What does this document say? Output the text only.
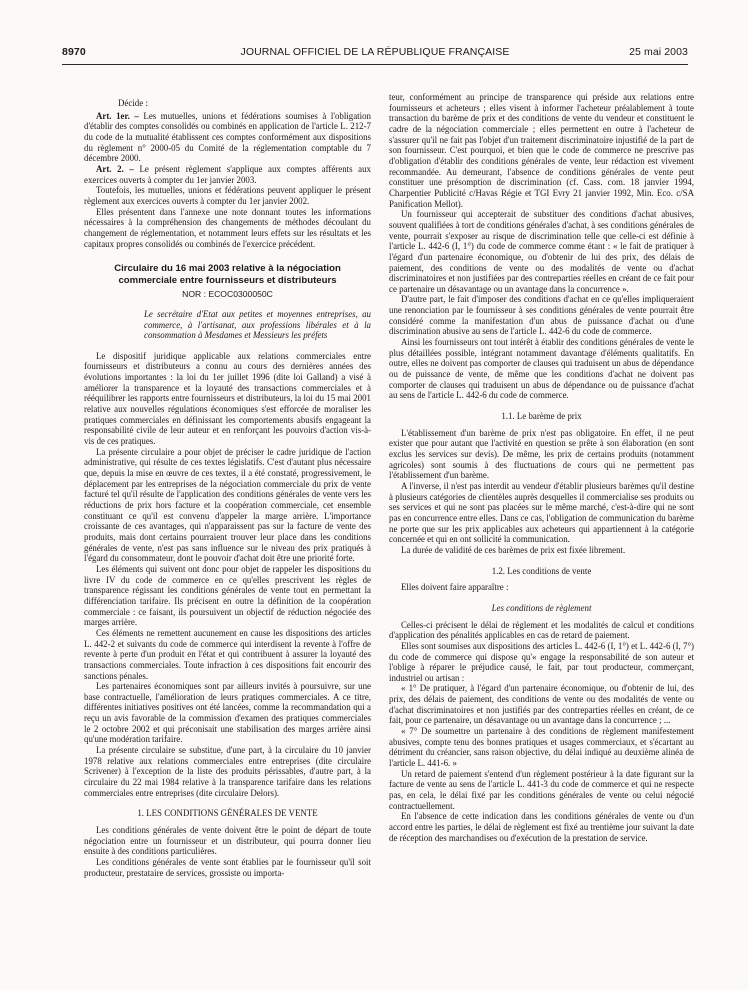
8970	JOURNAL OFFICIEL DE LA RÉPUBLIQUE FRANÇAISE	25 mai 2003

Décide :

Art. 1er. – Les mutuelles, unions et fédérations soumises à l'obligation d'établir des comptes consolidés ou combinés en application de l'article L. 212-7 du code de la mutualité établissent ces comptes conformément aux dispositions du règlement n° 2000-05 du Comité de la réglementation comptable du 7 décembre 2000.

Art. 2. – Le présent règlement s'applique aux comptes afférents aux exercices ouverts à compter du 1er janvier 2003.

Toutefois, les mutuelles, unions et fédérations peuvent appliquer le présent règlement aux exercices ouverts à compter du 1er janvier 2002.

Elles présentent dans l'annexe une note donnant toutes les informations nécessaires à la compréhension des changements de méthodes découlant du changement de réglementation, et notamment leurs effets sur les résultats et les capitaux propres consolidés ou combinés de l'exercice précédent.

Circulaire du 16 mai 2003 relative à la négociation commerciale entre fournisseurs et distributeurs

NOR : ECOC0300050C

Le secrétaire d'Etat aux petites et moyennes entreprises, au commerce, à l'artisanat, aux professions libérales et à la consommation à Mesdames et Messieurs les préfets

Le dispositif juridique applicable aux relations commerciales entre fournisseurs et distributeurs a connu au cours des dernières années des évolutions importantes : la loi du 1er juillet 1996 (dite loi Galland) a visé à améliorer la transparence et la loyauté des transactions commerciales et à rééquilibrer les rapports entre fournisseurs et distributeurs, la loi du 15 mai 2001 relative aux nouvelles régulations économiques s'est efforcée de moraliser les pratiques commerciales en définissant les comportements abusifs engageant la responsabilité civile de leur auteur et en renforçant les pouvoirs d'action vis-à-vis de ces pratiques.

La présente circulaire a pour objet de préciser le cadre juridique de l'action administrative, qui résulte de ces textes législatifs. C'est d'autant plus nécessaire que, depuis la mise en œuvre de ces textes, il a été constaté, progressivement, le déplacement par les entreprises de la négociation commerciale du prix de vente facturé tel qu'il résulte de l'application des conditions générales de vente vers les réductions de prix hors facture et la coopération commerciale, cet ensemble constituant ce qu'il est convenu d'appeler la marge arrière. L'importance croissante de ces avantages, qui n'apparaissent pas sur la facture de vente des produits, mais dont certains pourraient trouver leur place dans les conditions générales de vente, n'est pas sans influence sur le niveau des prix pratiqués à l'égard du consommateur, dont le pouvoir d'achat doit être une priorité forte.

Les éléments qui suivent ont donc pour objet de rappeler les dispositions du livre IV du code de commerce en ce qu'elles prescrivent les règles de transparence régissant les conditions générales de vente tout en permettant la différenciation tarifaire. Ils précisent en outre la définition de la coopération commerciale : ce faisant, ils poursuivent un objectif de réduction négociée des marges arrière.

Ces éléments ne remettent aucunement en cause les dispositions des articles L. 442-2 et suivants du code de commerce qui interdisent la revente à l'offre de revente à perte d'un produit en l'état et qui contribuent à assurer la loyauté des transactions commerciales. Toute infraction à ces dispositions fait encourir des sanctions pénales.

Les partenaires économiques sont par ailleurs invités à poursuivre, sur une base contractuelle, l'amélioration de leurs pratiques commerciales. A ce titre, différentes initiatives positives ont été lancées, comme la recommandation qui a reçu un avis favorable de la commission d'examen des pratiques commerciales le 2 octobre 2002 et qui préconisait une stabilisation des marges arrière ainsi qu'une modération tarifaire.

La présente circulaire se substitue, d'une part, à la circulaire du 10 janvier 1978 relative aux relations commerciales entre entreprises (dite circulaire Scrivener) à l'exception de la liste des produits périssables, d'autre part, à la circulaire du 22 mai 1984 relative à la transparence tarifaire dans les relations commerciales entre entreprises (dite circulaire Delors).

1. LES CONDITIONS GÉNÉRALES DE VENTE

Les conditions générales de vente doivent être le point de départ de toute négociation entre un fournisseur et un distributeur, qui pourra donner lieu ensuite à des conditions particulières.

Les conditions générales de vente sont établies par le fournisseur qu'il soit producteur, prestataire de services, grossiste ou importa-

teur, conformément au principe de transparence qui préside aux relations entre fournisseurs et acheteurs ; elles visent à informer l'acheteur préalablement à toute transaction du barème de prix et des conditions de vente du vendeur et constituent le cadre de la négociation commerciale ; elles permettent en outre à l'acheteur de s'assurer qu'il ne fait pas l'objet d'un traitement discriminatoire injustifié de la part de son fournisseur. C'est pourquoi, et bien que le code de commerce ne prescrive pas d'obligation d'établir des conditions générales de vente, leur rédaction est vivement recommandée. Au demeurant, l'absence de conditions générales de vente peut constituer une présomption de discrimination (cf. Cass. com. 18 janvier 1994, Charpentier Publicité c/Havas Régie et TGI Evry 21 janvier 1992, Min. Eco. c/SA Panification Mellot).

Un fournisseur qui accepterait de substituer des conditions d'achat abusives, souvent qualifiées à tort de conditions générales d'achat, à ses conditions générales de vente, pourrait s'exposer au risque de discrimination telle que celle-ci est définie à l'article L. 442-6 (I, 1°) du code de commerce comme étant : « le fait de pratiquer à l'égard d'un partenaire économique, ou d'obtenir de lui des prix, des délais de paiement, des conditions de vente ou des modalités de vente ou d'achat discriminatoires et non justifiées par des contreparties réelles en créant de ce fait pour ce partenaire un désavantage ou un avantage dans la concurrence ».

D'autre part, le fait d'imposer des conditions d'achat en ce qu'elles impliqueraient une renonciation par le fournisseur à ses conditions générales de vente pourrait être considéré comme la manifestation d'un abus de puissance d'achat ou d'une discrimination abusive au sens de l'article L. 442-6 du code de commerce.

Ainsi les fournisseurs ont tout intérêt à établir des conditions générales de vente le plus détaillées possible, intégrant notamment davantage d'éléments qualitatifs. En outre, elles ne doivent pas comporter de clauses qui traduisent un abus de dépendance ou de puissance de vente, de même que les conditions d'achat ne doivent pas comporter de clauses qui traduisent un abus de dépendance ou de puissance d'achat au sens de l'article L. 442-6 du code de commerce.

1.1. Le barème de prix

L'établissement d'un barème de prix n'est pas obligatoire. En effet, il ne peut exister que pour autant que l'activité en question se prête à son élaboration (en sont exclus les services sur devis). De même, les prix de certains produits (notamment agricoles) sont soumis à des fluctuations de cours qui ne permettent pas l'établissement d'un barème.

A l'inverse, il n'est pas interdit au vendeur d'établir plusieurs barèmes qu'il destine à plusieurs catégories de clientèles auprès desquelles il commercialise ses produits ou ses services et qui ne sont pas placées sur le même marché, c'est-à-dire qui ne sont pas en concurrence entre elles. Dans ce cas, l'obligation de communication du barème ne porte que sur les prix applicables aux acheteurs qui appartiennent à la catégorie concernée et qui en ont sollicité la communication.

La durée de validité de ces barèmes de prix est fixée librement.

1.2. Les conditions de vente

Elles doivent faire apparaître :

Les conditions de règlement

Celles-ci précisent le délai de règlement et les modalités de calcul et conditions d'application des pénalités applicables en cas de retard de paiement.

Elles sont soumises aux dispositions des articles L. 442-6 (I, 1°) et L. 442-6 (I, 7°) du code de commerce qui dispose qu'« engage la responsabilité de son auteur et l'oblige à réparer le préjudice causé, le fait, par tout producteur, commerçant, industriel ou artisan :

« 1° De pratiquer, à l'égard d'un partenaire économique, ou d'obtenir de lui, des prix, des délais de paiement, des conditions de vente ou des modalités de vente ou d'achat discriminatoires et non justifiés par des contreparties réelles en créant, de ce fait, pour ce partenaire, un désavantage ou un avantage dans la concurrence ; ...

« 7° De soumettre un partenaire à des conditions de règlement manifestement abusives, compte tenu des bonnes pratiques et usages commerciaux, et s'écartant au détriment du créancier, sans raison objective, du délai indiqué au deuxième alinéa de l'article L. 441-6. »

Un retard de paiement s'entend d'un règlement postérieur à la date figurant sur la facture de vente au sens de l'article L. 441-3 du code de commerce et qui ne respecte pas, en cela, le délai fixé par les conditions générales de vente ou celui négocié contractuellement.

En l'absence de cette indication dans les conditions générales de vente ou d'un accord entre les parties, le délai de règlement est fixé au trentième jour suivant la date de réception des marchandises ou d'exécution de la prestation de service.
